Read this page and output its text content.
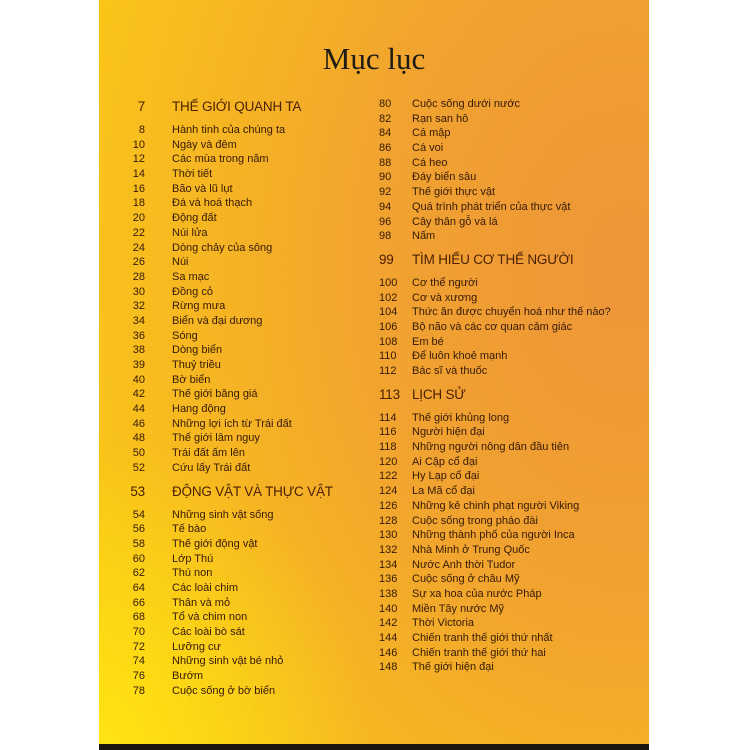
Mục lục
7 THẾ GIỚI QUANH TA
8 Hành tinh của chúng ta
10 Ngày và đêm
12 Các mùa trong năm
14 Thời tiết
16 Bão và lũ lụt
18 Đá và hoá thạch
20 Động đất
22 Núi lửa
24 Dòng chảy của sông
26 Núi
28 Sa mạc
30 Đồng cỏ
32 Rừng mưa
34 Biển và đại dương
36 Sóng
38 Dòng biển
39 Thuỷ triều
40 Bờ biển
42 Thế giới băng giá
44 Hang động
46 Những lợi ích từ Trái đất
48 Thế giới lâm nguy
50 Trái đất ấm lên
52 Cứu lấy Trái đất
53 ĐỘNG VẬT VÀ THỰC VẬT
54 Những sinh vật sống
56 Tế bào
58 Thế giới động vật
60 Lớp Thú
62 Thú non
64 Các loài chim
66 Thân và mỏ
68 Tổ và chim non
70 Các loài bò sát
72 Lưỡng cư
74 Những sinh vật bé nhỏ
76 Bướm
78 Cuộc sống ở bờ biển
80	Cuộc sống dưới nước
82	Rạn san hô
84	Cá mập
86	Cá voi
88	Cá heo
90	Đáy biển sâu
92	Thế giới thực vật
94	Quá trình phát triển của thực vật
96	Cây thân gỗ và lá
98	Nấm
99	TÌM HIỂU CƠ THỂ NGƯỜI
100	Cơ thể người
102	Cơ và xương
104	Thức ăn được chuyển hoá như thế nào?
106	Bộ não và các cơ quan cảm giác
108	Em bé
110	Để luôn khoẻ mạnh
112	Bác sĩ và thuốc
113 LỊCH SỬ
114	Thế giới khủng long
116	Người hiện đại
118	Những người nông dân đầu tiên
120	Ai Cập cổ đại
122	Hy Lạp cổ đại
124	La Mã cổ đại
126	Những kẻ chinh phạt người Viking
128	Cuộc sống trong pháo đài
130	Những thành phố của người Inca
132	Nhà Minh ở Trung Quốc
134	Nước Anh thời Tudor
136	Cuộc sống ở châu Mỹ
138	Sự xa hoa của nước Pháp
140	Miền Tây nước Mỹ
142	Thời Victoria
144	Chiến tranh thế giới thứ nhất
146	Chiến tranh thế giới thứ hai
148	Thế giới hiện đại
